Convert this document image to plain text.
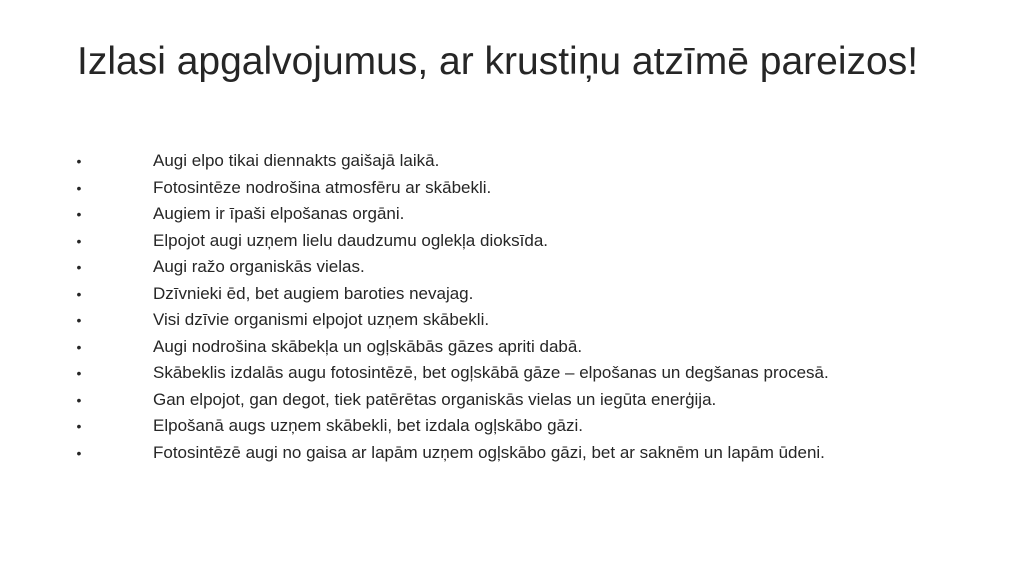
Izlasi apgalvojumus, ar krustiņu atzīmē pareizos!
•	Augi elpo tikai diennakts gaišajā laikā.
•	Fotosintēze nodrošina atmosfēru ar skābekli.
•	Augiem ir īpaši elpošanas orgāni.
•	Elpojot augi uzņem lielu daudzumu oglekļa dioksīda.
•	Augi ražo organiskās vielas.
•	Dzīvnieki ēd, bet augiem baroties nevajag.
•	Visi dzīvie organismi elpojot uzņem skābekli.
•	Augi nodrošina skābekļa un ogļskābās gāzes apriti dabā.
•	Skābeklis izdalās augu fotosintēzē, bet ogļskābā gāze – elpošanas un degšanas procesā.
•	Gan elpojot, gan degot, tiek patērētas organiskās vielas un iegūta enerģija.
•	Elpošanā augs uzņem skābekli, bet izdala ogļskābo gāzi.
•	Fotosintēzē augi no gaisa ar lapām uzņem ogļskābo gāzi, bet ar saknēm un lapām ūdeni.
